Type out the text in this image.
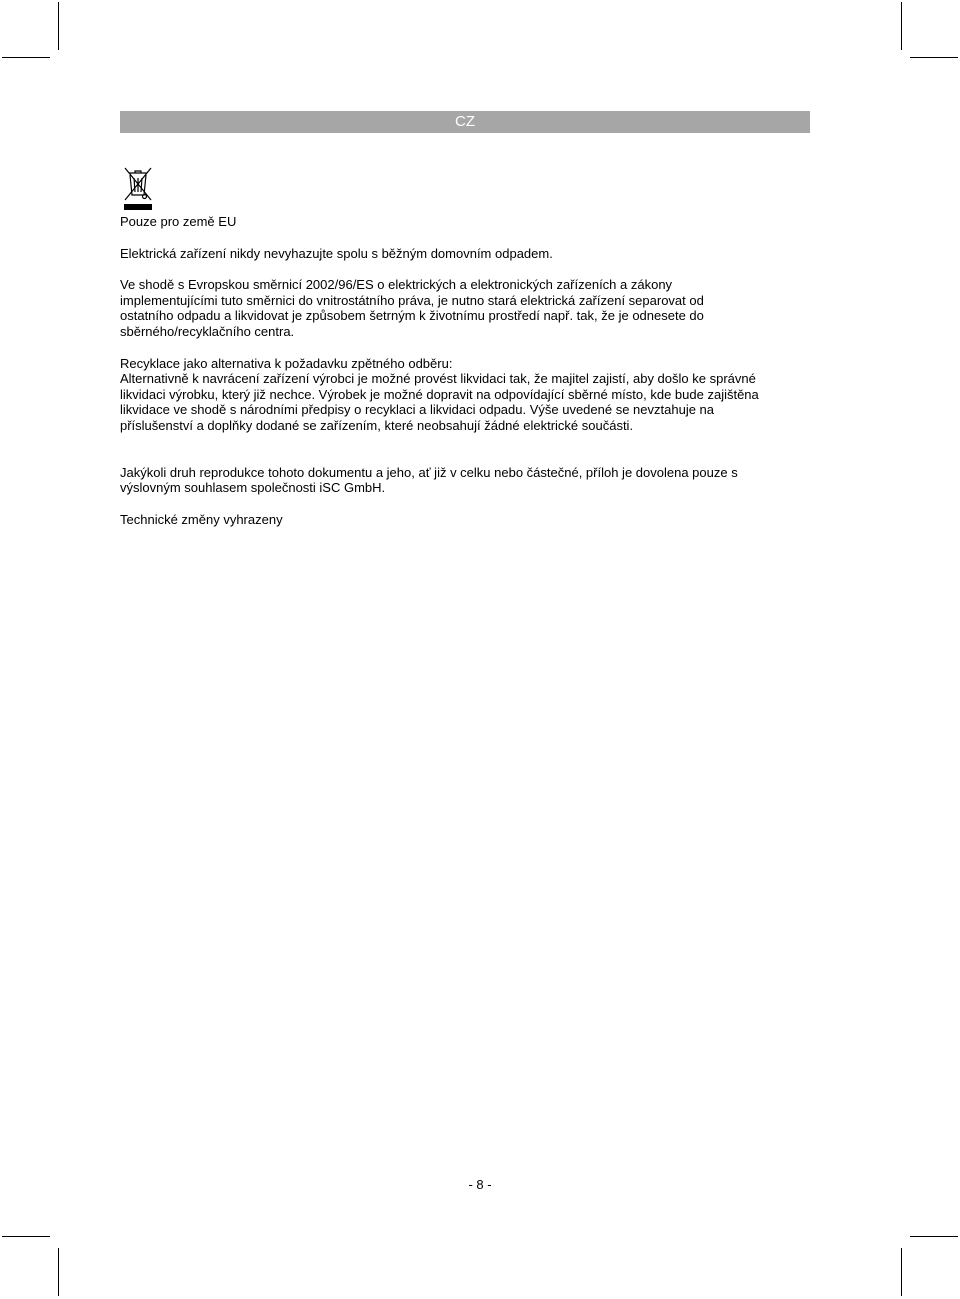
CZ

Pouze pro země EU

Elektrická zařízení nikdy nevyhazujte spolu s běžným domovním odpadem.

Ve shodě s Evropskou směrnicí 2002/96/ES o elektrických a elektronických zařízeních a zákony implementujícími tuto směrnici do vnitrostátního práva, je nutno stará elektrická zařízení separovat od ostatního odpadu a likvidovat je způsobem šetrným k životnímu prostředí např. tak, že je odnesete do sběrného/recyklačního centra.

Recyklace jako alternativa k požadavku zpětného odběru:

Alternativně k navrácení zařízení výrobci je možné provést likvidaci tak, že majitel zajistí, aby došlo ke správné likvidaci výrobku, který již nechce. Výrobek je možné dopravit na odpovídající sběrné místo, kde bude zajištěna likvidace ve shodě s národními předpisy o recyklaci a likvidaci odpadu. Výše uvedené se nevztahuje na příslušenství a doplňky dodané se zařízením, které neobsahují žádné elektrické součásti.

Jakýkoli druh reprodukce tohoto dokumentu a jeho, ať již v celku nebo částečné, příloh je dovolena pouze s výslovným souhlasem společnosti iSC GmbH.

Technické změny vyhrazeny

- 8 -
